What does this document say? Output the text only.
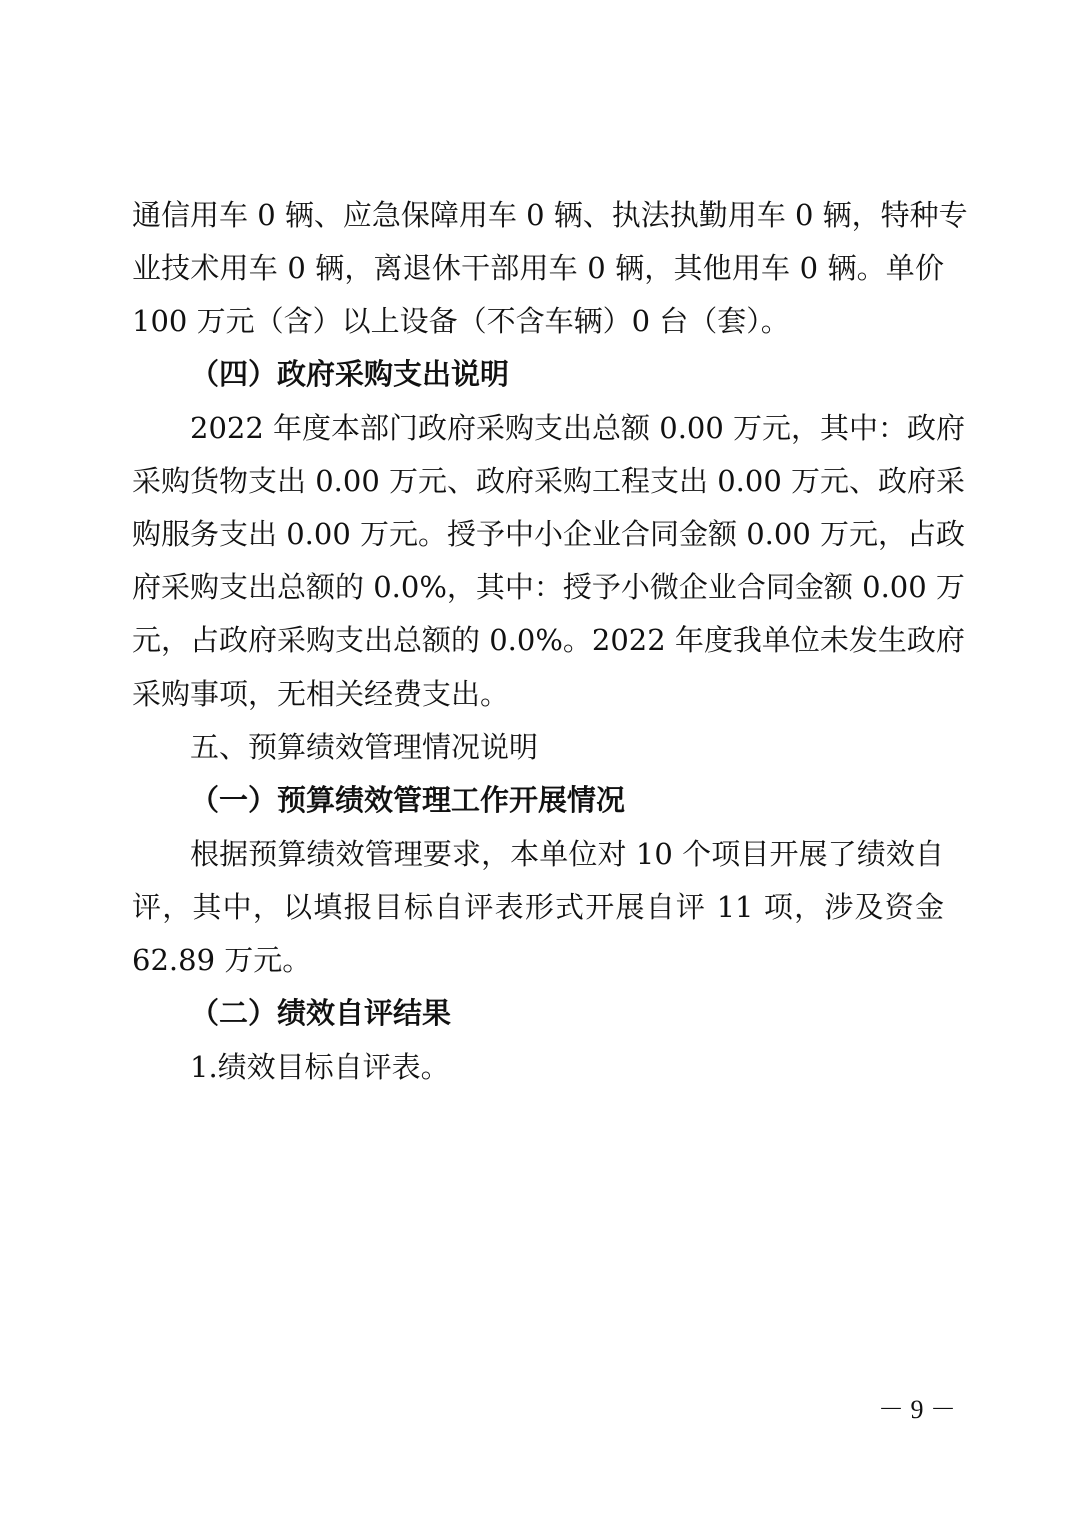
通信用车 0 辆、应急保障用车 0 辆、执法执勤用车 0 辆，特种专
业技术用车 0 辆，离退休干部用车 0 辆，其他用车 0 辆。单价
100 万元（含）以上设备（不含车辆）0 台（套）。
（四）政府采购支出说明
2022 年度本部门政府采购支出总额 0.00 万元，其中：政府
采购货物支出 0.00 万元、政府采购工程支出 0.00 万元、政府采
购服务支出 0.00 万元。授予中小企业合同金额 0.00 万元，占政
府采购支出总额的 0.0%，其中：授予小微企业合同金额 0.00 万
元，占政府采购支出总额的 0.0%。2022 年度我单位未发生政府
采购事项，无相关经费支出。
五、预算绩效管理情况说明
（一）预算绩效管理工作开展情况
根据预算绩效管理要求，本单位对 10 个项目开展了绩效自
评，其中，以填报目标自评表形式开展自评 11 项，涉及资金
62.89 万元。
（二）绩效自评结果
1.绩效目标自评表。
－ 9 －
